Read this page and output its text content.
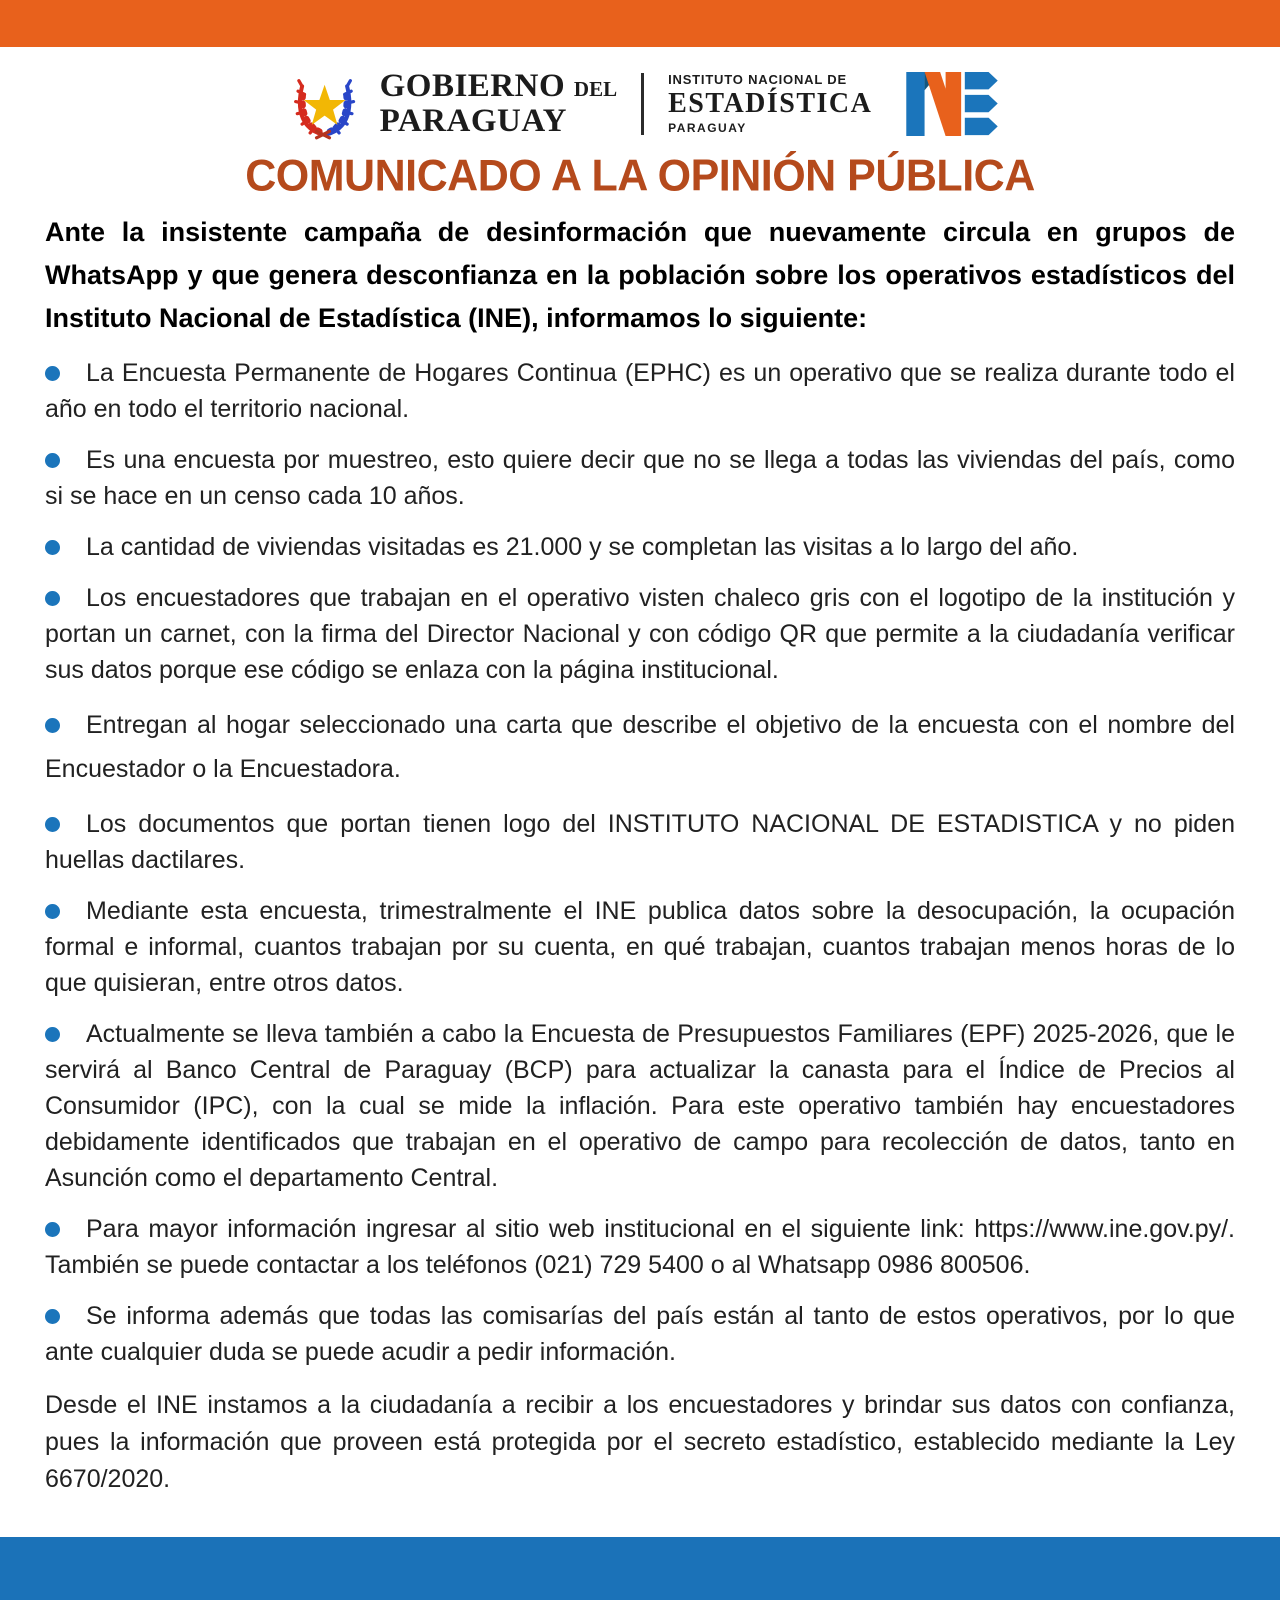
GOBIERNO DEL
PARAGUAY
INSTITUTO NACIONAL DE
ESTADÍSTICA
PARAGUAY
COMUNICADO A LA OPINIÓN PÚBLICA

Ante la insistente campaña de desinformación que nuevamente circula en grupos de WhatsApp y que genera desconfianza en la población sobre los operativos estadísticos del Instituto Nacional de Estadística (INE), informamos lo siguiente:

La Encuesta Permanente de Hogares Continua (EPHC) es un operativo que se realiza durante todo el año en todo el territorio nacional.

Es una encuesta por muestreo, esto quiere decir que no se llega a todas las viviendas del país, como si se hace en un censo cada 10 años.

La cantidad de viviendas visitadas es 21.000 y se completan las visitas a lo largo del año.

Los encuestadores que trabajan en el operativo visten chaleco gris con el logotipo de la institución y portan un carnet, con la firma del Director Nacional y con código QR que permite a la ciudadanía verificar sus datos porque ese código se enlaza con la página institucional.

Entregan al hogar seleccionado una carta que describe el objetivo de la encuesta con el nombre del Encuestador o la Encuestadora.

Los documentos que portan tienen logo del INSTITUTO NACIONAL DE ESTADISTICA y no piden huellas dactilares.

Mediante esta encuesta, trimestralmente el INE publica datos sobre la desocupación, la ocupación formal e informal, cuantos trabajan por su cuenta, en qué trabajan, cuantos trabajan menos horas de lo que quisieran, entre otros datos.

Actualmente se lleva también a cabo la Encuesta de Presupuestos Familiares (EPF) 2025-2026, que le servirá al Banco Central de Paraguay (BCP) para actualizar la canasta para el Índice de Precios al Consumidor (IPC), con la cual se mide la inflación. Para este operativo también hay encuestadores debidamente identificados que trabajan en el operativo de campo para recolección de datos, tanto en Asunción como el departamento Central.

Para mayor información ingresar al sitio web institucional en el siguiente link: https://www.ine.gov.py/. También se puede contactar a los teléfonos (021) 729 5400 o al Whatsapp 0986 800506.

Se informa además que todas las comisarías del país están al tanto de estos operativos, por lo que ante cualquier duda se puede acudir a pedir información.

Desde el INE instamos a la ciudadanía a recibir a los encuestadores y brindar sus datos con confianza, pues la información que proveen está protegida por el secreto estadístico, establecido mediante la Ley 6670/2020.
